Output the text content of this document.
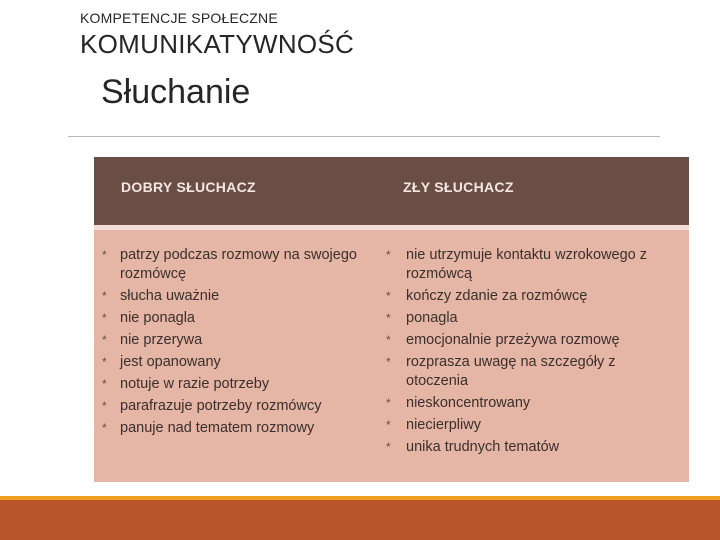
KOMPETENCJE SPOŁECZNE
KOMUNIKATYWNOŚĆ
Słuchanie
DOBRY SŁUCHACZ	ZŁY SŁUCHACZ
* patrzy podczas rozmowy na swojego rozmówcę
* słucha uważnie
* nie ponagla
* nie przerywa
* jest opanowany
* notuje w razie potrzeby
* parafrazuje potrzeby rozmówcy
* panuje nad tematem rozmowy
* nie utrzymuje kontaktu wzrokowego z rozmówcą
* kończy zdanie za rozmówcę
* ponagla
* emocjonalnie przeżywa rozmowę
* rozprasza uwagę na szczegóły z otoczenia
* nieskoncentrowany
* niecierpliwy
* unika trudnych tematów
